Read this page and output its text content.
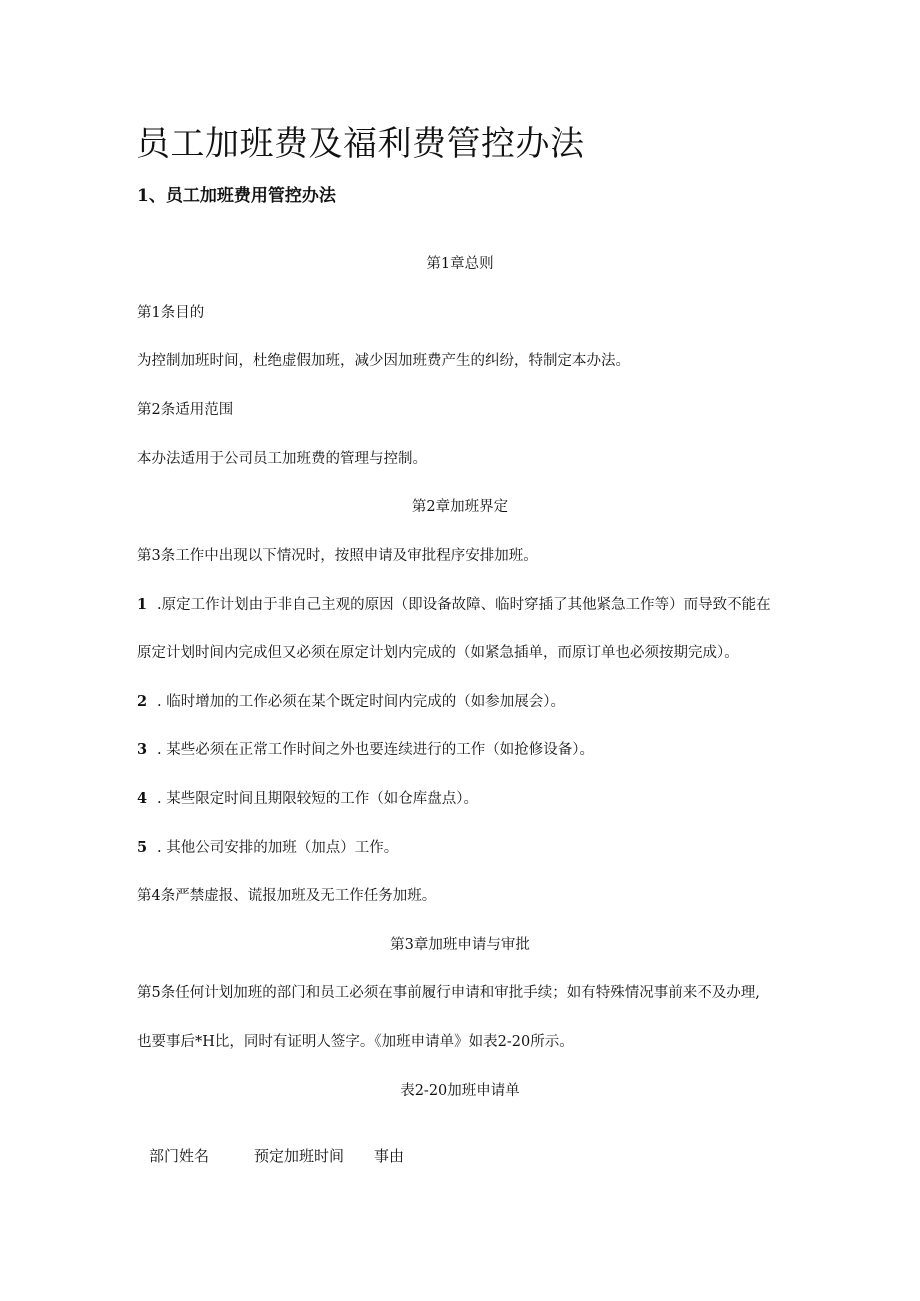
员工加班费及福利费管控办法
1、员工加班费用管控办法
第1章总则
第1条目的
为控制加班时间，杜绝虚假加班，减少因加班费产生的纠纷，特制定本办法。
第2条适用范围
本办法适用于公司员工加班费的管理与控制。
第2章加班界定
第3条工作中出现以下情况时，按照申请及审批程序安排加班。
1 .原定工作计划由于非自己主观的原因（即设备故障、临时穿插了其他紧急工作等）而导致不能在
原定计划时间内完成但又必须在原定计划内完成的（如紧急插单，而原订单也必须按期完成）。
2 . 临时增加的工作必须在某个既定时间内完成的（如参加展会）。
3 . 某些必须在正常工作时间之外也要连续进行的工作（如抢修设备）。
4 . 某些限定时间且期限较短的工作（如仓库盘点）。
5 . 其他公司安排的加班（加点）工作。
第4条严禁虚报、谎报加班及无工作任务加班。
第3章加班申请与审批
第5条任何计划加班的部门和员工必须在事前履行申请和审批手续；如有特殊情况事前来不及办理,
也要事后*H比，同时有证明人签字。《加班申请单》如表2-20所示。
表2-20加班申请单
部门姓名	预定加班时间 事由
